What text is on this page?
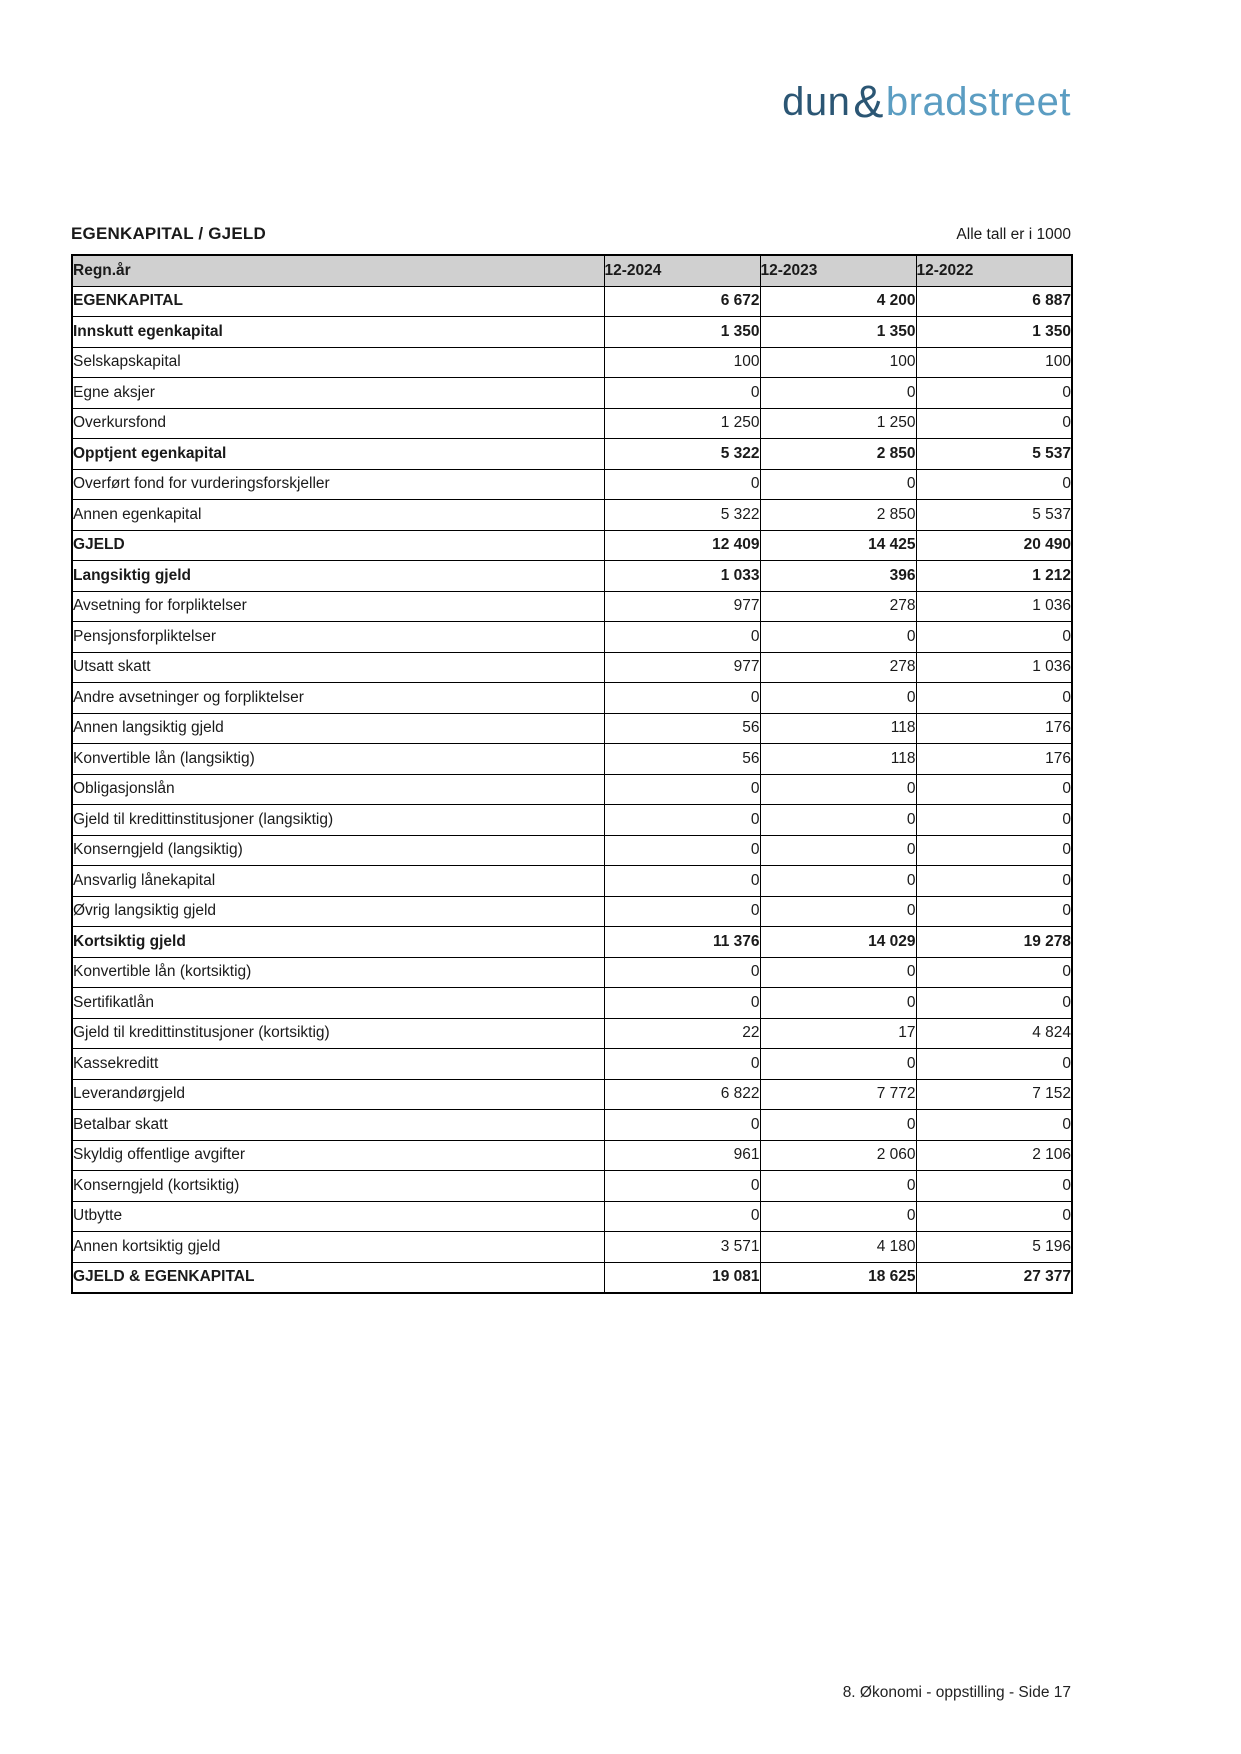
dun&bradstreet
EGENKAPITAL / GJELD	Alle tall er i 1000
Regn.år	12-2024	12-2023	12-2022
EGENKAPITAL	6 672	4 200	6 887
Innskutt egenkapital	1 350	1 350	1 350
Selskapskapital	100	100	100
Egne aksjer	0	0	0
Overkursfond	1 250	1 250	0
Opptjent egenkapital	5 322	2 850	5 537
Overført fond for vurderingsforskjeller	0	0	0
Annen egenkapital	5 322	2 850	5 537
GJELD	12 409	14 425	20 490
Langsiktig gjeld	1 033	396	1 212
Avsetning for forpliktelser	977	278	1 036
Pensjonsforpliktelser	0	0	0
Utsatt skatt	977	278	1 036
Andre avsetninger og forpliktelser	0	0	0
Annen langsiktig gjeld	56	118	176
Konvertible lån (langsiktig)	56	118	176
Obligasjonslån	0	0	0
Gjeld til kredittinstitusjoner (langsiktig)	0	0	0
Konserngjeld (langsiktig)	0	0	0
Ansvarlig lånekapital	0	0	0
Øvrig langsiktig gjeld	0	0	0
Kortsiktig gjeld	11 376	14 029	19 278
Konvertible lån (kortsiktig)	0	0	0
Sertifikatlån	0	0	0
Gjeld til kredittinstitusjoner (kortsiktig)	22	17	4 824
Kassekreditt	0	0	0
Leverandørgjeld	6 822	7 772	7 152
Betalbar skatt	0	0	0
Skyldig offentlige avgifter	961	2 060	2 106
Konserngjeld (kortsiktig)	0	0	0
Utbytte	0	0	0
Annen kortsiktig gjeld	3 571	4 180	5 196
GJELD & EGENKAPITAL	19 081	18 625	27 377
8. Økonomi - oppstilling - Side 17
